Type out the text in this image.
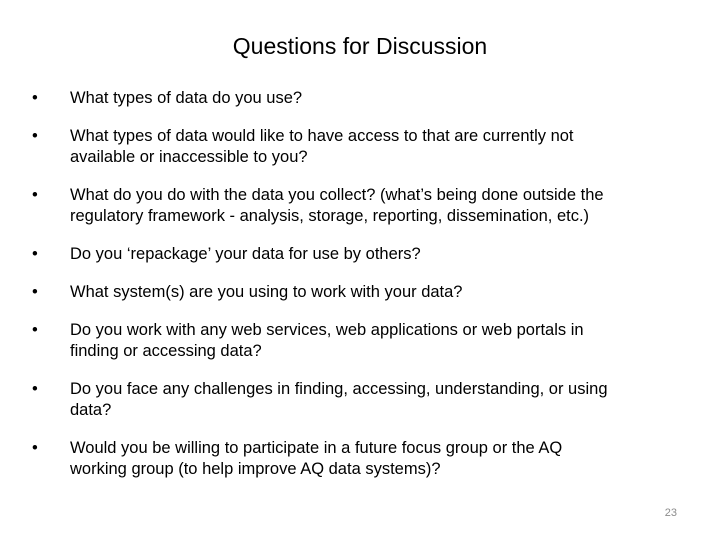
Questions for Discussion
•	What types of data do you use?
•	What types of data would like to have access to that are currently not
available or inaccessible to you?
•	What do you do with the data you collect? (what’s being done outside the
regulatory framework - analysis, storage, reporting, dissemination, etc.)
•	Do you ‘repackage’ your data for use by others?
•	What system(s) are you using to work with your data?
•	Do you work with any web services, web applications or web portals in
finding or accessing data?
•	Do you face any challenges in finding, accessing, understanding, or using
data?
•	Would you be willing to participate in a future focus group or the AQ
working group (to help improve AQ data systems)?
23
